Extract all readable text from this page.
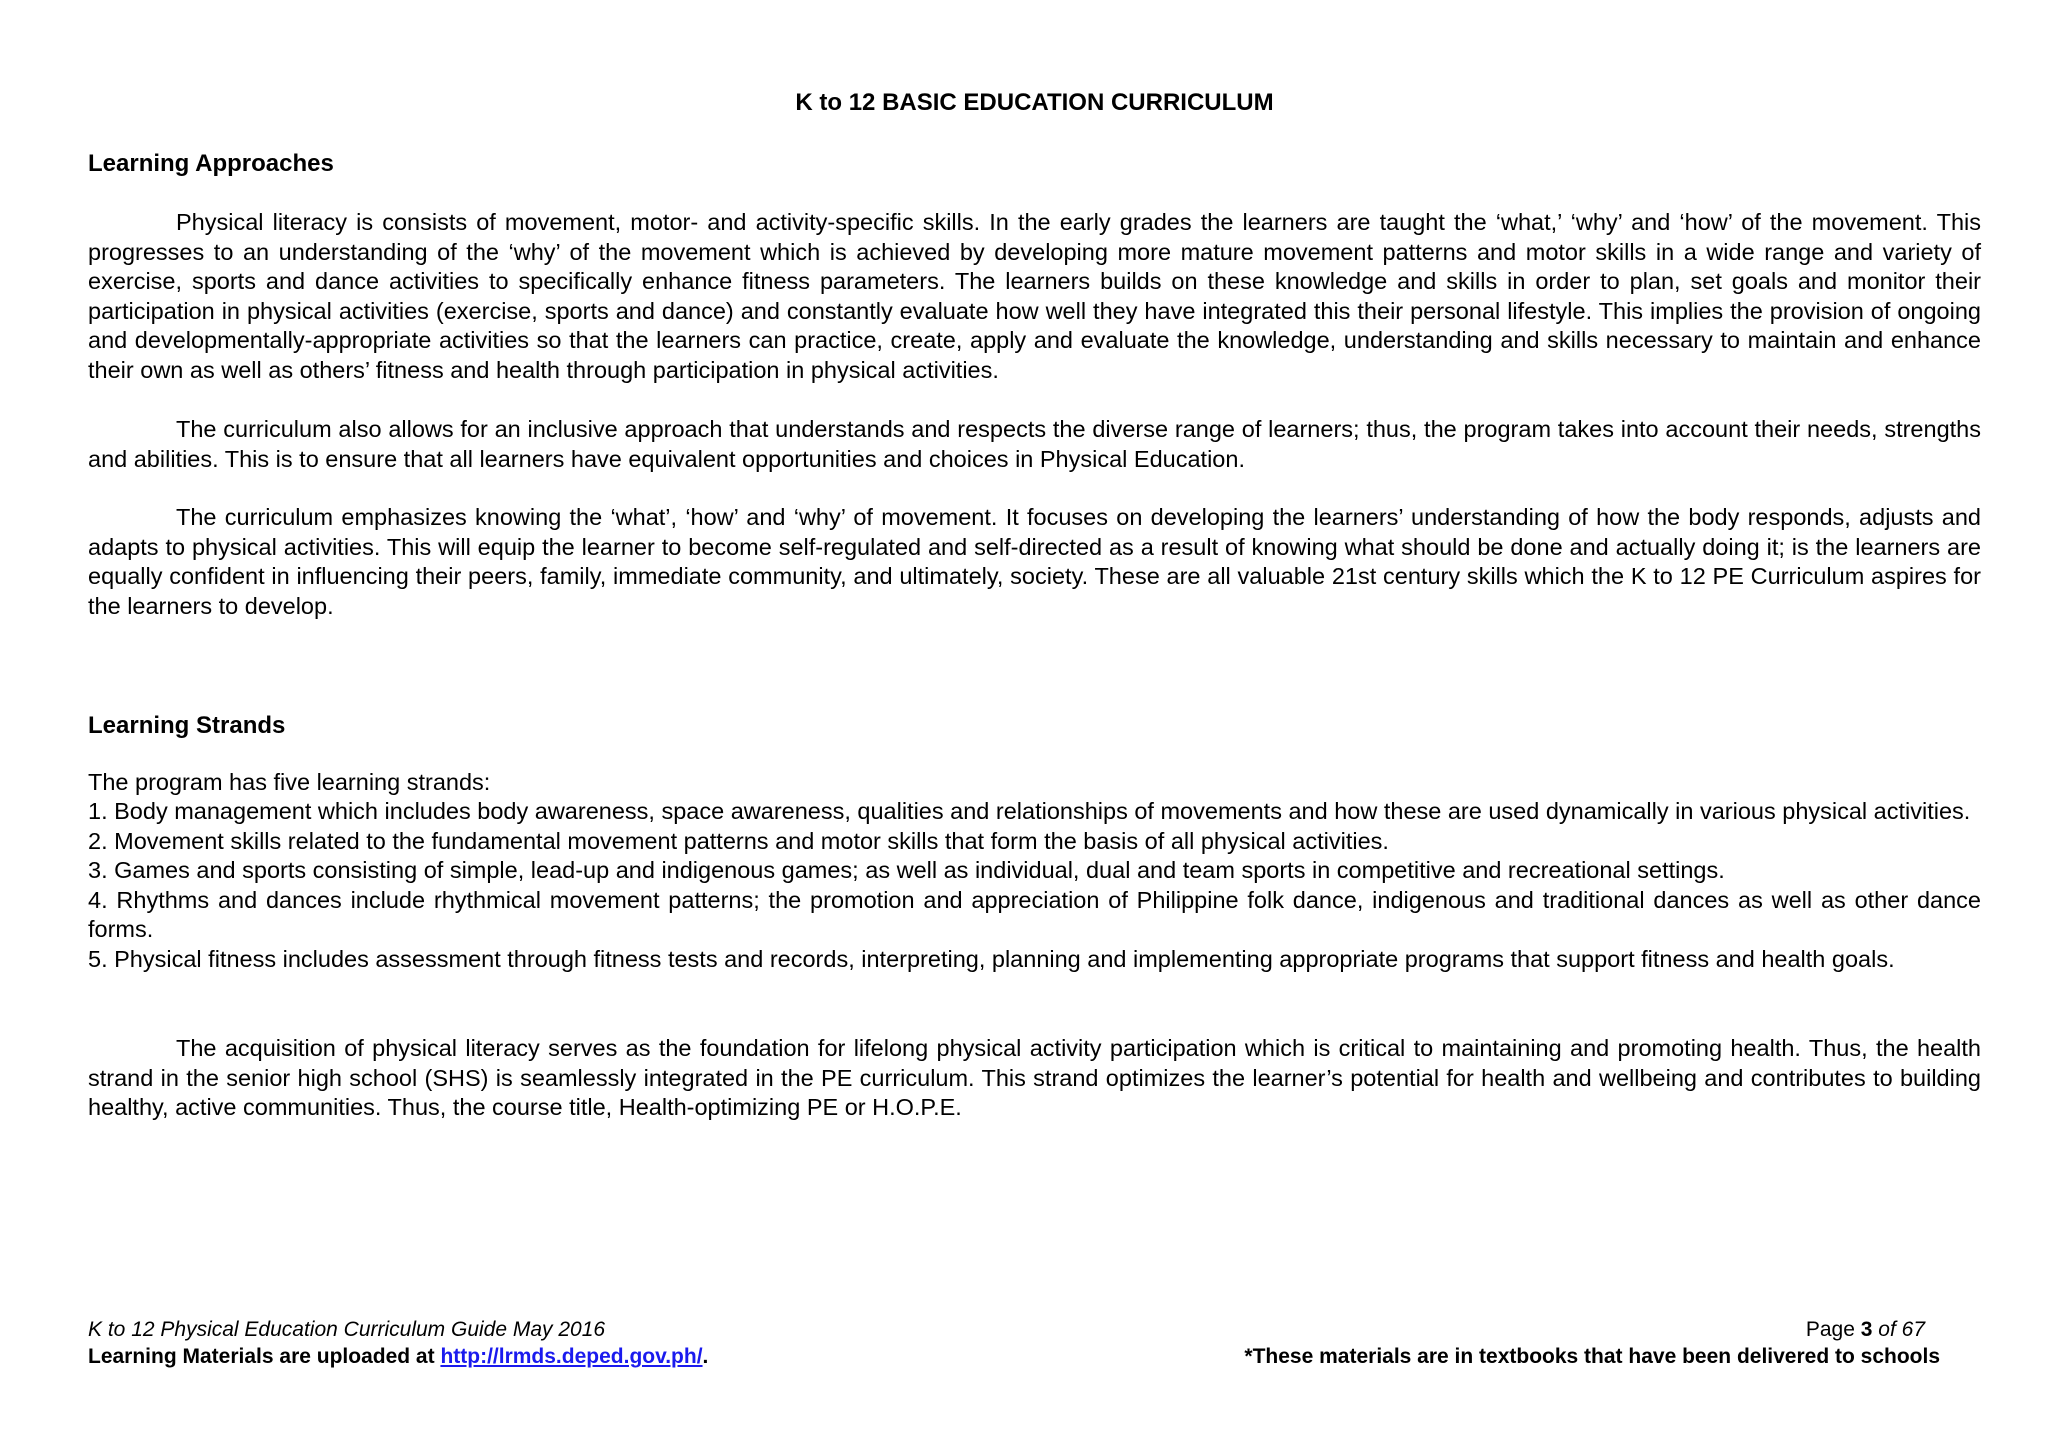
K to 12 BASIC EDUCATION CURRICULUM
Learning Approaches

Physical literacy is consists of movement, motor- and activity-specific skills. In the early grades the learners are taught the ‘what,’ ‘why’ and ‘how’ of the movement. This progresses to an understanding of the ‘why’ of the movement which is achieved by developing more mature movement patterns and motor skills in a wide range and variety of exercise, sports and dance activities to specifically enhance fitness parameters. The learners builds on these knowledge and skills in order to plan, set goals and monitor their participation in physical activities (exercise, sports and dance) and constantly evaluate how well they have integrated this their personal lifestyle. This implies the provision of ongoing and developmentally-appropriate activities so that the learners can practice, create, apply and evaluate the knowledge, understanding and skills necessary to maintain and enhance their own as well as others’ fitness and health through participation in physical activities.

The curriculum also allows for an inclusive approach that understands and respects the diverse range of learners; thus, the program takes into account their needs, strengths and abilities. This is to ensure that all learners have equivalent opportunities and choices in Physical Education.

The curriculum emphasizes knowing the ‘what’, ‘how’ and ‘why’ of movement. It focuses on developing the learners’ understanding of how the body responds, adjusts and adapts to physical activities. This will equip the learner to become self-regulated and self-directed as a result of knowing what should be done and actually doing it; is the learners are equally confident in influencing their peers, family, immediate community, and ultimately, society. These are all valuable 21st century skills which the K to 12 PE Curriculum aspires for the learners to develop.

Learning Strands

The program has five learning strands:

1. Body management which includes body awareness, space awareness, qualities and relationships of movements and how these are used dynamically in various physical activities.
2. Movement skills related to the fundamental movement patterns and motor skills that form the basis of all physical activities.
3. Games and sports consisting of simple, lead-up and indigenous games; as well as individual, dual and team sports in competitive and recreational settings.
4. Rhythms and dances include rhythmical movement patterns; the promotion and appreciation of Philippine folk dance, indigenous and traditional dances as well as other dance forms.
5. Physical fitness includes assessment through fitness tests and records, interpreting, planning and implementing appropriate programs that support fitness and health goals.

The acquisition of physical literacy serves as the foundation for lifelong physical activity participation which is critical to maintaining and promoting health. Thus, the health strand in the senior high school (SHS) is seamlessly integrated in the PE curriculum. This strand optimizes the learner’s potential for health and wellbeing and contributes to building healthy, active communities. Thus, the course title, Health-optimizing PE or H.O.P.E.

K to 12 Physical Education Curriculum Guide May 2016	Page 3 of 67
Learning Materials are uploaded at http://lrmds.deped.gov.ph/.	*These materials are in textbooks that have been delivered to schools
